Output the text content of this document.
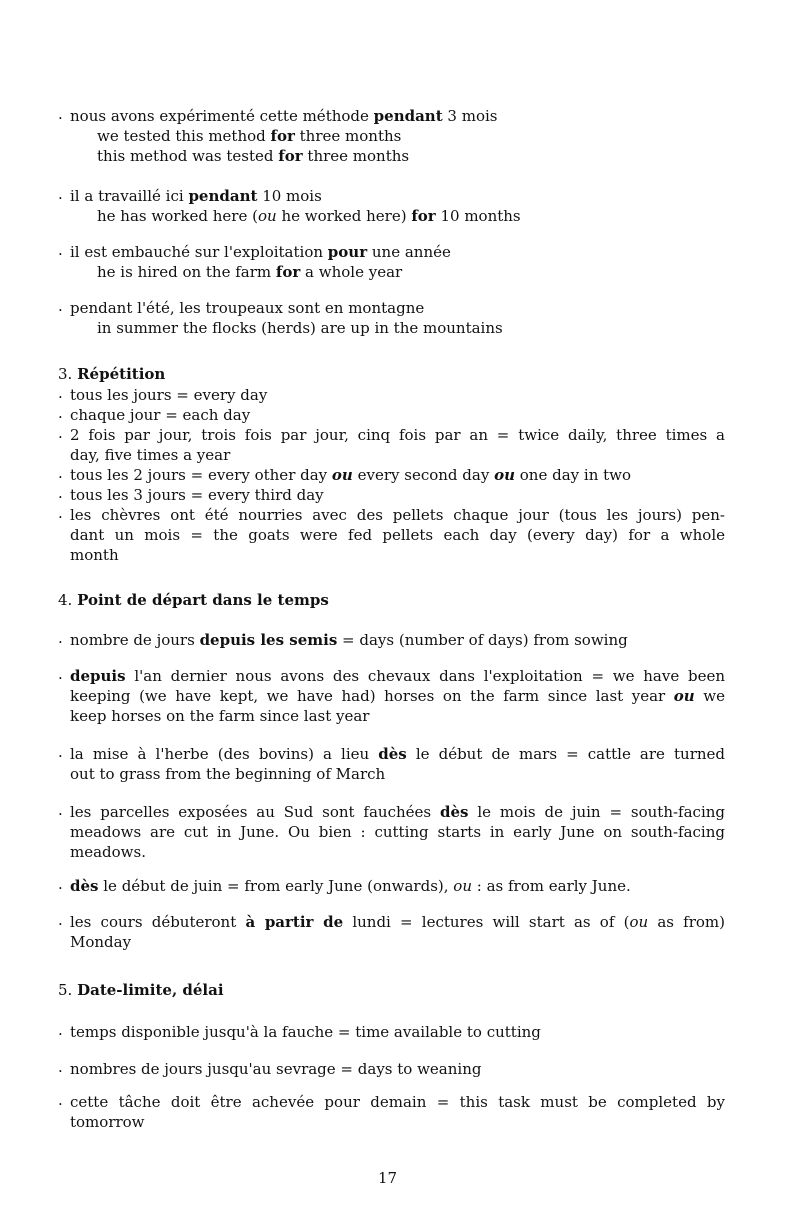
. nous avons expérimenté cette méthode pendant 3 mois
we tested this method for three months
this method was tested for three months
. il a travaillé ici pendant 10 mois
he has worked here (ou he worked here) for 10 months
. il est embauché sur l'exploitation pour une année
he is hired on the farm for a whole year
. pendant l'été, les troupeaux sont en montagne
in summer the flocks (herds) are up in the mountains
3. Répétition
. tous les jours = every day
. chaque jour = each day
. 2 fois par jour, trois fois par jour, cinq fois par an = twice daily, three times a
day, five times a year
. tous les 2 jours = every other day ou every second day ou one day in two
. tous les 3 jours = every third day
. les chèvres ont été nourries avec des pellets chaque jour (tous les jours) pen-
dant un mois = the goats were fed pellets each day (every day) for a whole
month
4. Point de départ dans le temps
. nombre de jours depuis les semis = days (number of days) from sowing
. depuis l'an dernier nous avons des chevaux dans l'exploitation = we have been
keeping (we have kept, we have had) horses on the farm since last year ou we
keep horses on the farm since last year
. la mise à l'herbe (des bovins) a lieu dès le début de mars = cattle are turned
out to grass from the beginning of March
. les parcelles exposées au Sud sont fauchées dès le mois de juin = south-facing
meadows are cut in June. Ou bien : cutting starts in early June on south-facing
meadows.
. dès le début de juin = from early June (onwards), ou : as from early June.
. les cours débuteront à partir de lundi = lectures will start as of (ou as from)
Monday
5. Date-limite, délai
. temps disponible jusqu'à la fauche = time available to cutting
. nombres de jours jusqu'au sevrage = days to weaning
. cette tâche doit être achevée pour demain = this task must be completed by
tomorrow
17
